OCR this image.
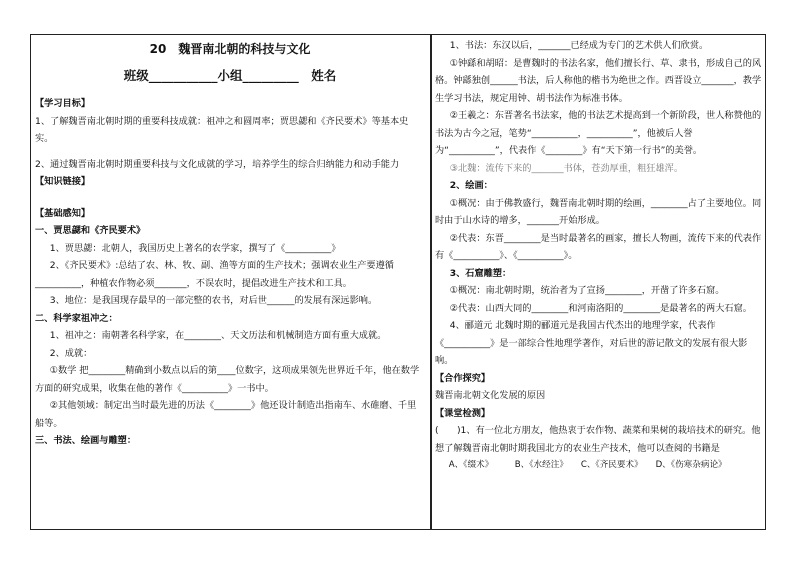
20　魏晋南北朝的科技与文化
班级___________小组_________　姓名

【学习目标】

1、了解魏晋南北朝时期的重要科技成就：祖冲之和圆周率；贾思勰和《齐民要术》等基本史实。

2、通过魏晋南北朝时期重要科技与文化成就的学习，培养学生的综合归纳能力和动手能力

【知识链接】

【基础感知】

一、贾思勰和《齐民要术》

1、贾思勰：北朝人，我国历史上著名的农学家，撰写了《__________》

2、《齐民要术》:总结了农、林、牧、副、渔等方面的生产技术；强调农业生产要遵循__________，种植农作物必须_______，不误农时，提倡改进生产技术和工具。

3、地位：是我国现存最早的一部完整的农书，对后世______的发展有深远影响。

二、科学家祖冲之：

1、祖冲之：南朝著名科学家，在________、天文历法和机械制造方面有重大成就。

2、成就：

①数学 把________精确到小数点以后的第____位数字，这项成果领先世界近千年，他在数学方面的研究成果，收集在他的著作《__________》一书中。

②其他领域：制定出当时最先进的历法《________》他还设计制造出指南车、水碓磨、千里船等。

三、书法、绘画与雕塑：

1、书法：东汉以后，_______已经成为专门的艺术供人们欣赏。

①钟繇和胡昭：是曹魏时的书法名家，他们擅长行、草、隶书，形成自己的风格。钟繇独创______书法，后人称他的楷书为绝世之作。西晋设立_______，教学生学习书法，规定用钟、胡书法作为标准书体。

②王羲之：东晋著名书法家，他的书法艺术提高到一个新阶段，世人称赞他的书法为古今之冠，笔势“__________，__________”，他被后人誉为“__________”，代表作《________》有“天下第一行书”的美誉。

③北魏：流传下来的_______书体，苍劲厚重，粗狂雄浑。

2、绘画：

①概况：由于佛教盛行，魏晋南北朝时期的绘画，________占了主要地位。同时由于山水诗的增多，_______开始形成。

②代表：东晋________是当时最著名的画家，擅长人物画，流传下来的代表作有《__________》、《__________》。

3、石窟雕塑：

①概况：南北朝时期，统治者为了宣扬________，开凿了许多石窟。

②代表：山西大同的________和河南洛阳的________是最著名的两大石窟。

4、郦道元 北魏时期的郦道元是我国古代杰出的地理学家，代表作《__________》是一部综合性地理学著作，对后世的游记散文的发展有很大影响。

【合作探究】

魏晋南北朝文化发展的原因

【课堂检测】

(　　)1、有一位北方朋友，他热衷于农作物、蔬菜和果树的栽培技术的研究。他想了解魏晋南北朝时期我国北方的农业生产技术，他可以查阅的书籍是

A、《缀术》　　　B、《水经注》　　C、《齐民要术》　　D、《伤寒杂病论》
